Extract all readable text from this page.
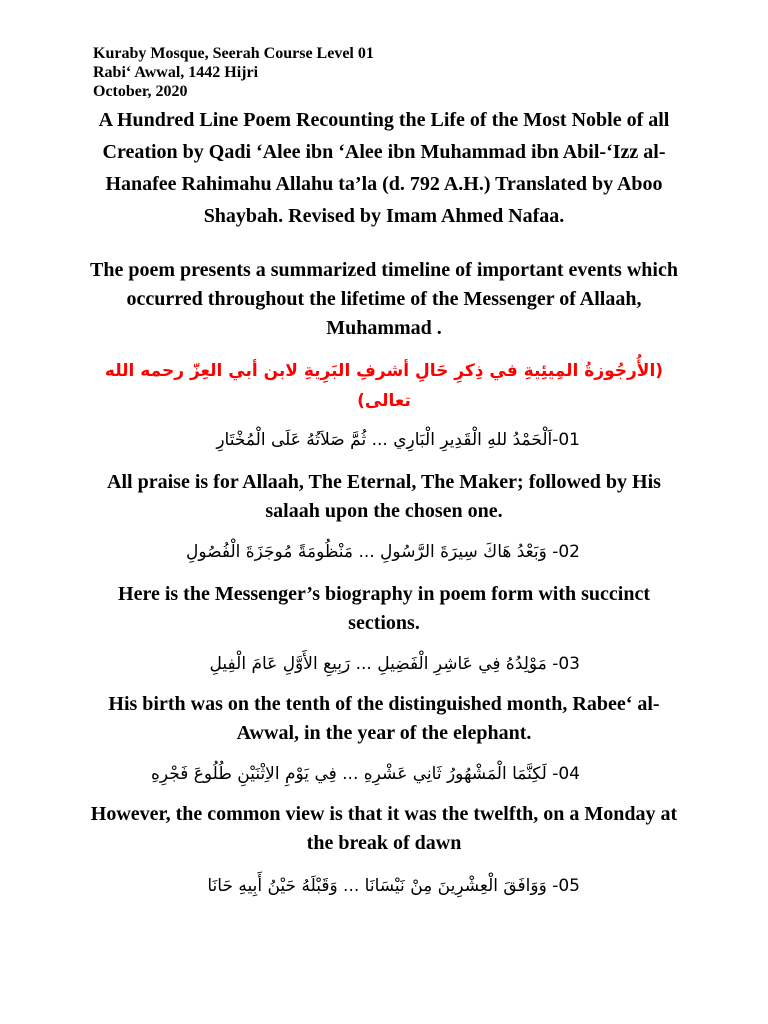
Kuraby Mosque, Seerah Course Level 01
Rabi‘ Awwal, 1442 Hijri
October, 2020
A Hundred Line Poem Recounting the Life of the Most Noble of all Creation by Qadi ‘Alee ibn ‘Alee ibn Muhammad ibn Abil-‘Izz al-Hanafee Rahimahu Allahu ta’la (d. 792 A.H.) Translated by Aboo Shaybah. Revised by Imam Ahmed Nafaa.
The poem presents a summarized timeline of important events which occurred throughout the lifetime of the Messenger of Allaah, Muhammad .
(الأُرجُوزةُ المِيئِيةِ في ذِكرِ حَالِ أشرفِ البَرِيةِ لابن أبي العِزّ رحمه الله تعالى)
01-اَلْحَمْدُ للهِ الْقَدِيرِ الْبَارِي ... ثُمَّ صَلاَتُهُ عَلَى الْمُخْتَارِ
All praise is for Allaah, The Eternal, The Maker; followed by His salaah upon the chosen one.
02- وَبَعْدُ هَاكَ سِيرَةَ الرَّسُولِ ... مَنْظُومَةً مُوجَزَةَ الْفُصُولِ
Here is the Messenger’s biography in poem form with succinct sections.
03- مَوْلِدُهُ فِي عَاشِرِ الْفَضِيلِ ... رَبِيعِ الأَوَّلِ عَامَ الْفِيلِ
His birth was on the tenth of the distinguished month, Rabee‘ al-Awwal, in the year of the elephant.
04- لَكِنَّمَا الْمَشْهُورُ ثَانِي عَشْرِهِ ... فِي يَوْمِ الاِثْنَيْنِ طُلُوعَ فَجْرِهِ
However, the common view is that it was the twelfth, on a Monday at the break of dawn
05- وَوَافَقَ الْعِشْرِينَ مِنْ نَيْسَانَا ... وَقَبْلَهُ حَيْنُ أَبِيهِ حَانَا
